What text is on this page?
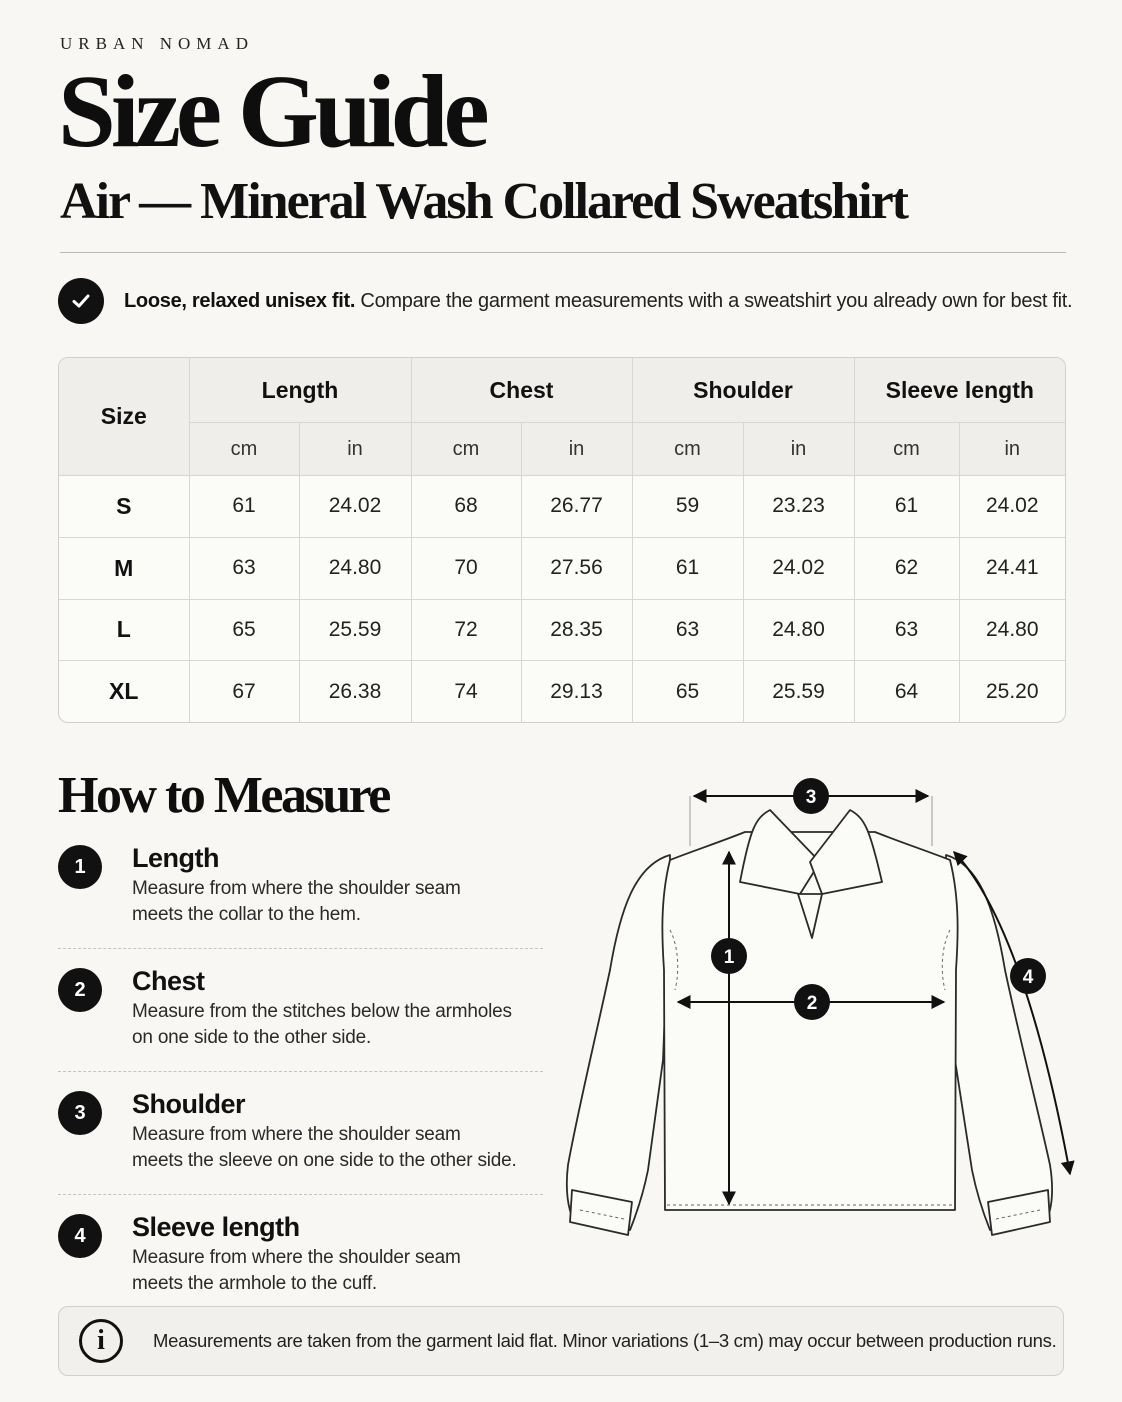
URBAN NOMAD
Size Guide
Air — Mineral Wash Collared Sweatshirt
Loose, relaxed unisex fit. Compare the garment measurements with a sweatshirt you already own for best fit.
Size	Length		Chest		Shoulder		Sleeve length	
	cm	in	cm	in	cm	in	cm	in
S	61	24.02	68	26.77	59	23.23	61	24.02
M	63	24.80	70	27.56	61	24.02	62	24.41
L	65	25.59	72	28.35	63	24.80	63	24.80
XL	67	26.38	74	29.13	65	25.59	64	25.20
How to Measure
1	Length
Measure from where the shoulder seam
meets the collar to the hem.
2	Chest
Measure from the stitches below the armholes
on one side to the other side.
3	Shoulder
Measure from where the shoulder seam
meets the sleeve on one side to the other side.
4	Sleeve length
Measure from where the shoulder seam
meets the armhole to the cuff.
3
1
2
4
i	Measurements are taken from the garment laid flat. Minor variations (1–3 cm) may occur between production runs.
